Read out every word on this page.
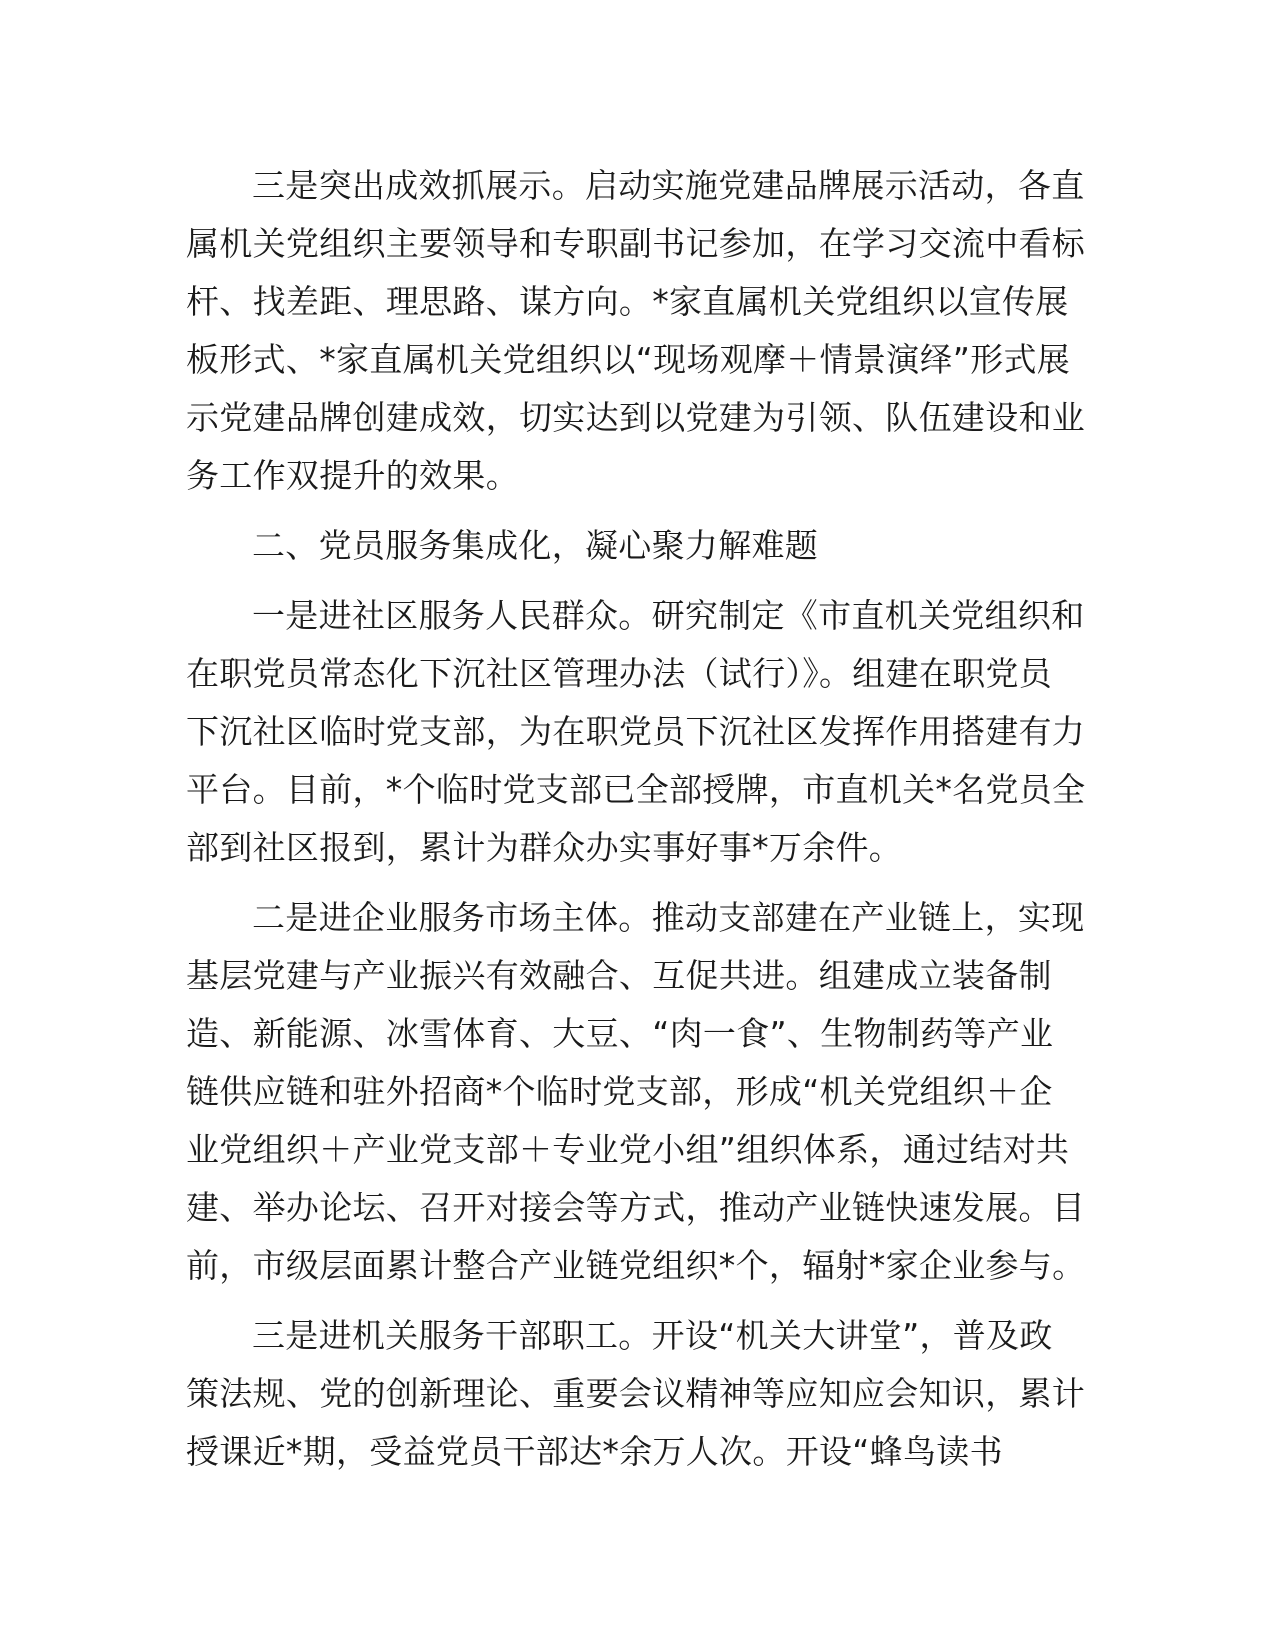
三是突出成效抓展示。启动实施党建品牌展示活动，各直
属机关党组织主要领导和专职副书记参加，在学习交流中看标
杆、找差距、理思路、谋方向。*家直属机关党组织以宣传展
板形式、*家直属机关党组织以“现场观摩＋情景演绎”形式展
示党建品牌创建成效，切实达到以党建为引领、队伍建设和业
务工作双提升的效果。
二、党员服务集成化，凝心聚力解难题
一是进社区服务人民群众。研究制定《市直机关党组织和
在职党员常态化下沉社区管理办法（试行）》。组建在职党员
下沉社区临时党支部，为在职党员下沉社区发挥作用搭建有力
平台。目前，*个临时党支部已全部授牌，市直机关*名党员全
部到社区报到，累计为群众办实事好事*万余件。
二是进企业服务市场主体。推动支部建在产业链上，实现
基层党建与产业振兴有效融合、互促共进。组建成立装备制
造、新能源、冰雪体育、大豆、“肉一食”、生物制药等产业
链供应链和驻外招商*个临时党支部，形成“机关党组织＋企
业党组织＋产业党支部＋专业党小组”组织体系，通过结对共
建、举办论坛、召开对接会等方式，推动产业链快速发展。目
前，市级层面累计整合产业链党组织*个，辐射*家企业参与。
三是进机关服务干部职工。开设“机关大讲堂”，普及政
策法规、党的创新理论、重要会议精神等应知应会知识，累计
授课近*期，受益党员干部达*余万人次。开设“蜂鸟读书
